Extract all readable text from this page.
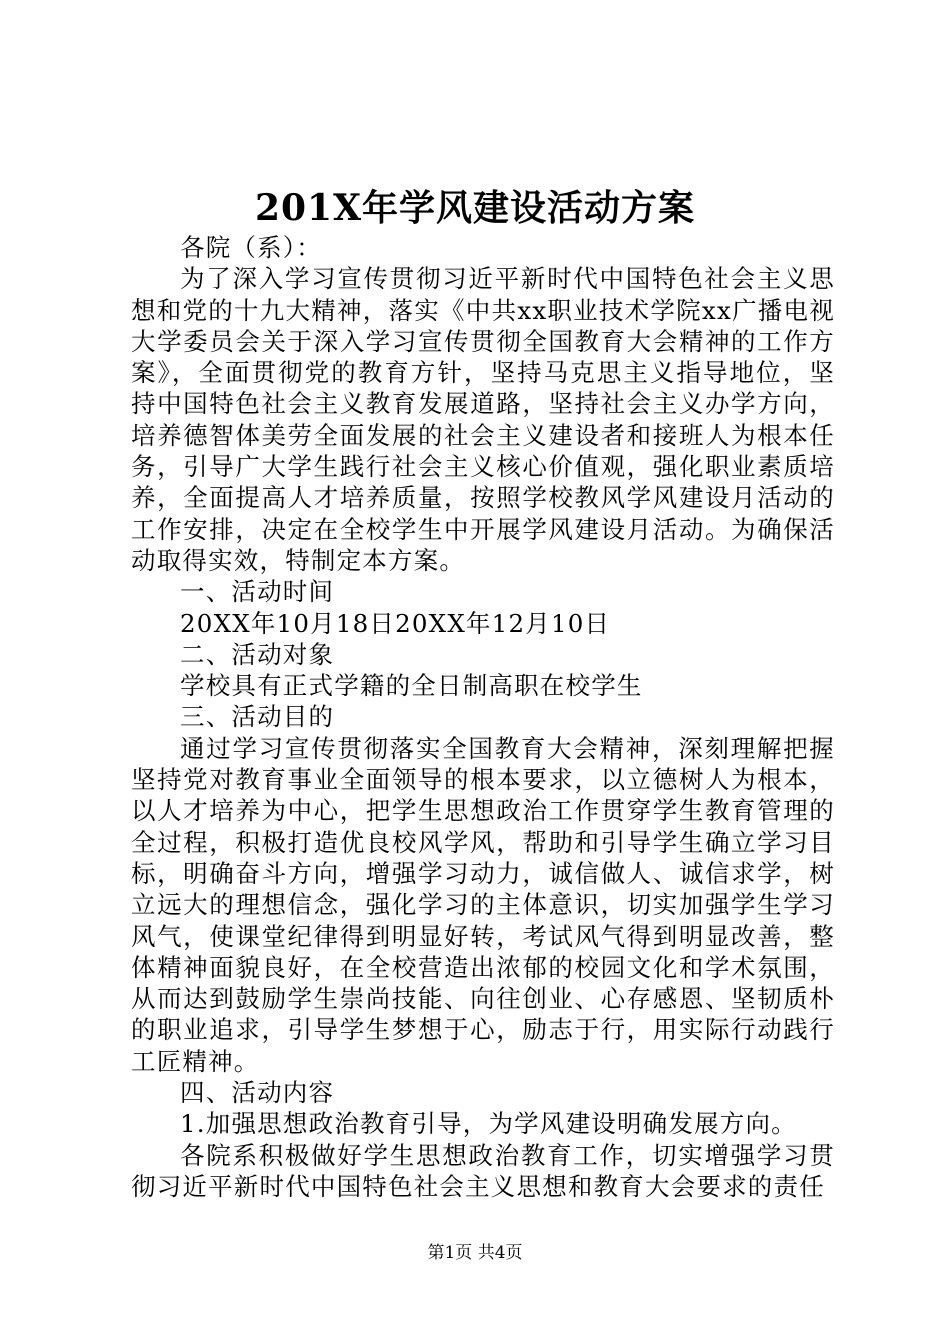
201X年学风建设活动方案

各院（系）：

为了深入学习宣传贯彻习近平新时代中国特色社会主义思想和党的十九大精神，落实《中共xx职业技术学院xx广播电视大学委员会关于深入学习宣传贯彻全国教育大会精神的工作方案》，全面贯彻党的教育方针，坚持马克思主义指导地位，坚持中国特色社会主义教育发展道路，坚持社会主义办学方向，培养德智体美劳全面发展的社会主义建设者和接班人为根本任务，引导广大学生践行社会主义核心价值观，强化职业素质培养，全面提高人才培养质量，按照学校教风学风建设月活动的工作安排，决定在全校学生中开展学风建设月活动。为确保活动取得实效，特制定本方案。

一、活动时间

20XX年10月18日20XX年12月10日

二、活动对象

学校具有正式学籍的全日制高职在校学生

三、活动目的

通过学习宣传贯彻落实全国教育大会精神，深刻理解把握坚持党对教育事业全面领导的根本要求，以立德树人为根本，以人才培养为中心，把学生思想政治工作贯穿学生教育管理的全过程，积极打造优良校风学风，帮助和引导学生确立学习目标，明确奋斗方向，增强学习动力，诚信做人、诚信求学，树立远大的理想信念，强化学习的主体意识，切实加强学生学习风气，使课堂纪律得到明显好转，考试风气得到明显改善，整体精神面貌良好，在全校营造出浓郁的校园文化和学术氛围，从而达到鼓励学生崇尚技能、向往创业、心存感恩、坚韧质朴的职业追求，引导学生梦想于心，励志于行，用实际行动践行工匠精神。

四、活动内容

1.加强思想政治教育引导，为学风建设明确发展方向。

各院系积极做好学生思想政治教育工作，切实增强学习贯彻习近平新时代中国特色社会主义思想和教育大会要求的责任

第1页 共4页
